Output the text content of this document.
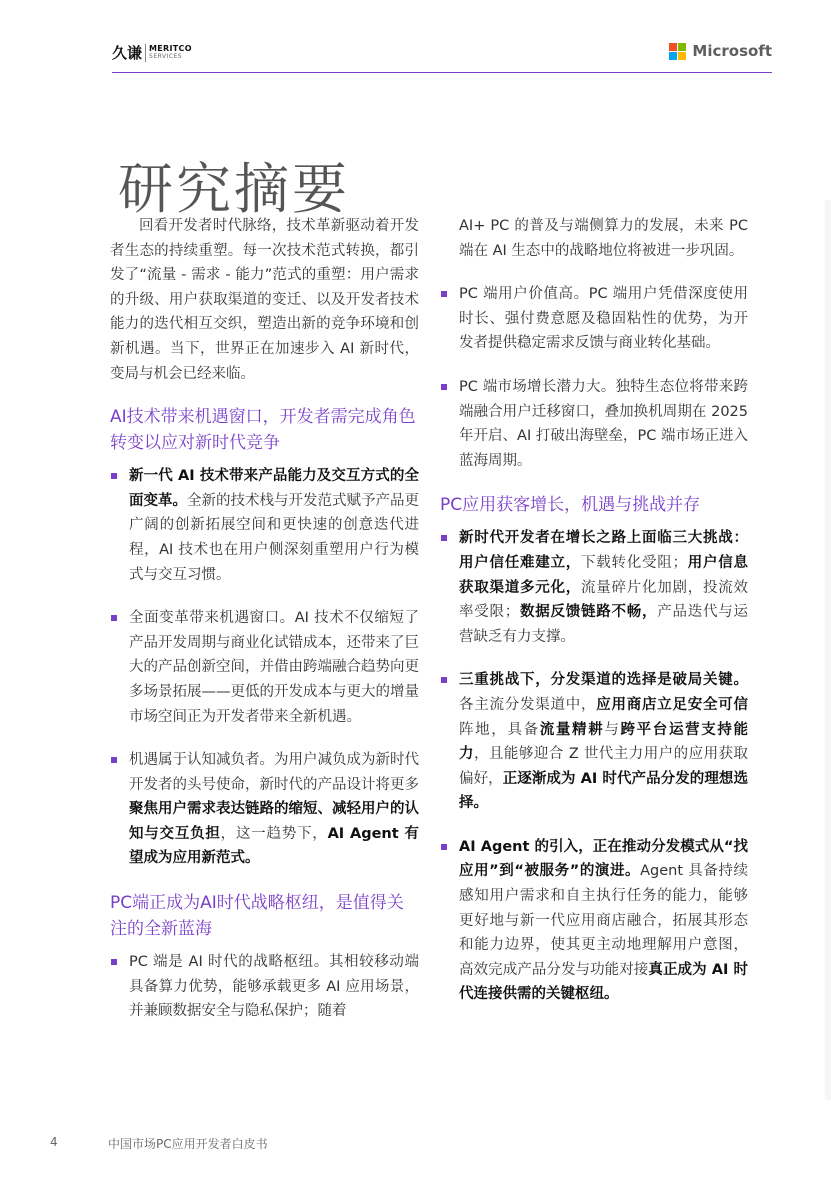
久谦 MERITCO
SERVICES	Microsoft
研究摘要

回看开发者时代脉络，技术革新驱动着开发者生态的持续重塑。每一次技术范式转换，都引发了“流量 - 需求 - 能力”范式的重塑：用户需求的升级、用户获取渠道的变迁、以及开发者技术能力的迭代相互交织，塑造出新的竞争环境和创新机遇。当下，世界正在加速步入 AI 新时代，变局与机会已经来临。

AI技术带来机遇窗口，开发者需完成角色转变以应对新时代竞争

新一代 AI 技术带来产品能力及交互方式的全面变革。全新的技术栈与开发范式赋予产品更广阔的创新拓展空间和更快速的创意迭代进程，AI 技术也在用户侧深刻重塑用户行为模式与交互习惯。

全面变革带来机遇窗口。AI 技术不仅缩短了产品开发周期与商业化试错成本，还带来了巨大的产品创新空间，并借由跨端融合趋势向更多场景拓展——更低的开发成本与更大的增量市场空间正为开发者带来全新机遇。

机遇属于认知减负者。为用户减负成为新时代开发者的头号使命，新时代的产品设计将更多聚焦用户需求表达链路的缩短、减轻用户的认知与交互负担，这一趋势下，AI Agent 有望成为应用新范式。

PC端正成为AI时代战略枢纽，是值得关注的全新蓝海

PC 端是 AI 时代的战略枢纽。其相较移动端具备算力优势，能够承载更多 AI 应用场景，并兼顾数据安全与隐私保护；随着

AI+ PC 的普及与端侧算力的发展，未来 PC 端在 AI 生态中的战略地位将被进一步巩固。

PC 端用户价值高。PC 端用户凭借深度使用时长、强付费意愿及稳固粘性的优势，为开发者提供稳定需求反馈与商业转化基础。

PC 端市场增长潜力大。独特生态位将带来跨端融合用户迁移窗口，叠加换机周期在 2025 年开启、AI 打破出海壁垒，PC 端市场正进入蓝海周期。

PC应用获客增长，机遇与挑战并存

新时代开发者在增长之路上面临三大挑战：用户信任难建立，下载转化受阻；用户信息获取渠道多元化，流量碎片化加剧，投流效率受限；数据反馈链路不畅，产品迭代与运营缺乏有力支撑。

三重挑战下，分发渠道的选择是破局关键。各主流分发渠道中，应用商店立足安全可信阵地，具备流量精耕与跨平台运营支持能力，且能够迎合 Z 世代主力用户的应用获取偏好，正逐渐成为 AI 时代产品分发的理想选择。

AI Agent 的引入，正在推动分发模式从“找应用”到“被服务”的演进。Agent 具备持续感知用户需求和自主执行任务的能力，能够更好地与新一代应用商店融合，拓展其形态和能力边界，使其更主动地理解用户意图，高效完成产品分发与功能对接真正成为 AI 时代连接供需的关键枢纽。

4	中国市场PC应用开发者白皮书
